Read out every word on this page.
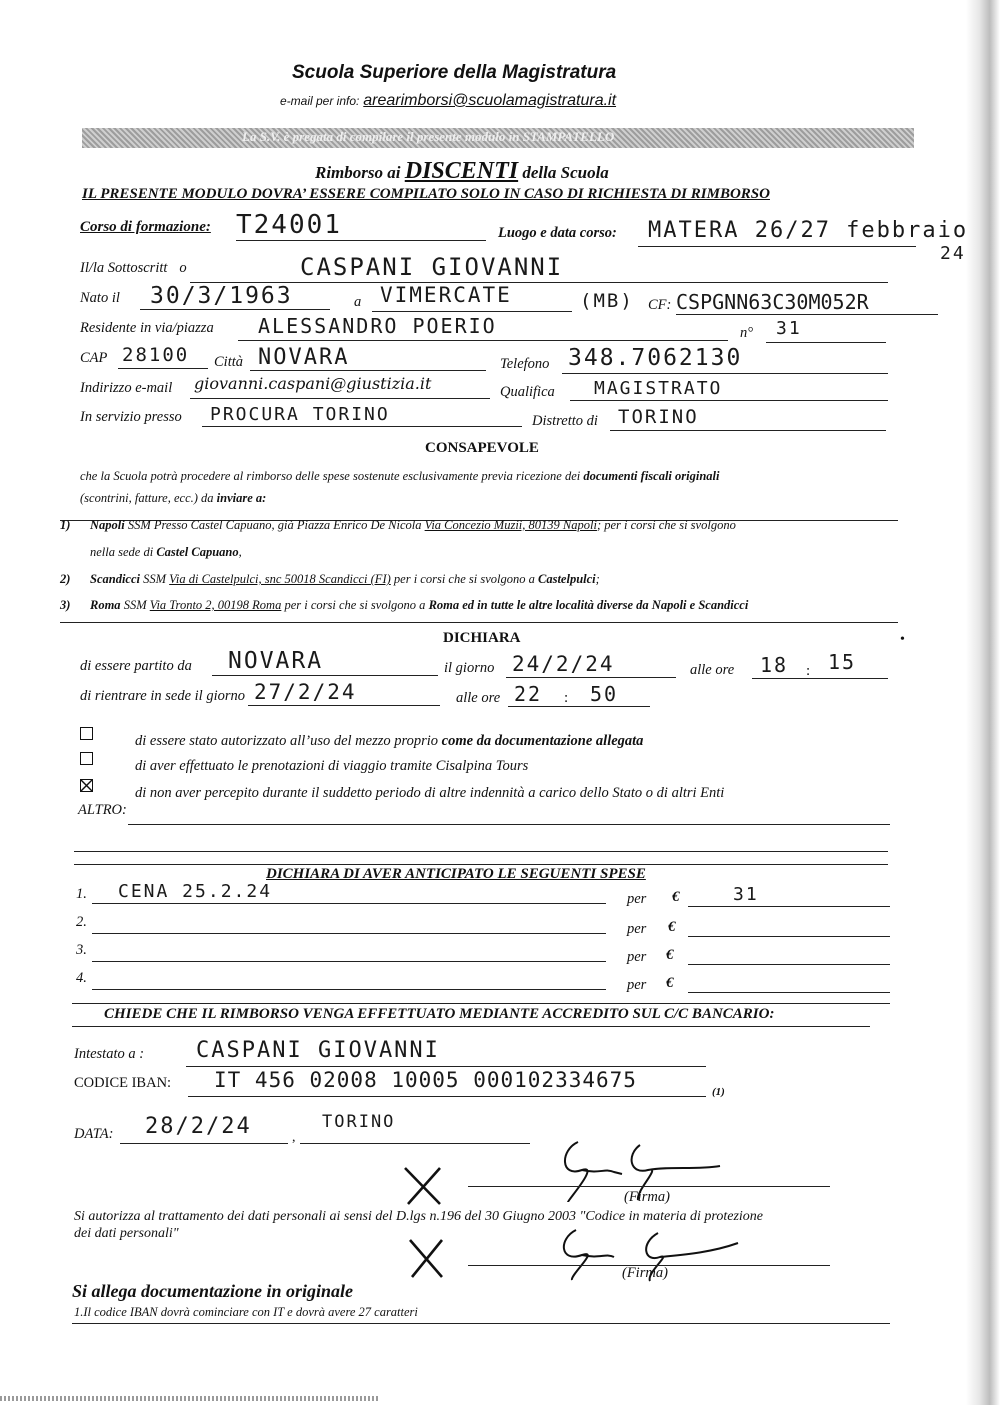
Scuola Superiore della Magistratura
e-mail per info: arearimborsi@scuolamagistratura.it
La S.V. è pregata di compilare il presente modulo in STAMPATELLO
Rimborso ai DISCENTI della Scuola
IL PRESENTE MODULO DOVRA’ ESSERE COMPILATO SOLO IN CASO DI RICHIESTA DI RIMBORSO
Corso di formazione: T24001	Luogo e data corso: MATERA 26/27 febbraio
24
Il/la Sottoscritt o	CASPANI GIOVANNI
Nato il 30/3/1963	a VIMERCATE	(MB) CF: CSPGNN63C30M052R
Residente in via/piazza ALESSANDRO POERIO	n° 31
CAP 28100 Città NOVARA	Telefono 348.7062130
Indirizzo e-mail giovanni.caspani@giustizia.it	Qualifica MAGISTRATO
In servizio presso PROCURA TORINO	Distretto di TORINO
CONSAPEVOLE
che la Scuola potrà procedere al rimborso delle spese sostenute esclusivamente previa ricezione dei documenti fiscali originali
(scontrini, fatture, ecc.) da inviare a:
1) Napoli SSM Presso Castel Capuano, già Piazza Enrico De Nicola Via Concezio Muzii, 80139 Napoli; per i corsi che si svolgono
nella sede di Castel Capuano,
2) Scandicci SSM Via di Castelpulci, snc 50018 Scandicci (FI) per i corsi che si svolgono a Castelpulci;
3) Roma SSM Via Tronto 2, 00198 Roma per i corsi che si svolgono a Roma ed in tutte le altre località diverse da Napoli e Scandicci
DICHIARA
di essere partito da NOVARA	il giorno 24/2/24	alle ore 18 : 15
•
di rientrare in sede il giorno 27/2/24	alle ore 22 : 50
di essere stato autorizzato all’uso del mezzo proprio come da documentazione allegata
di aver effettuato le prenotazioni di viaggio tramite Cisalpina Tours
di non aver percepito durante il suddetto periodo di altre indennità a carico dello Stato o di altri Enti
ALTRO:
DICHIARA DI AVER ANTICIPATO LE SEGUENTI SPESE
1. CENA 25.2.24	per €	31
2.	per €
3.	per €
4.	per €
CHIEDE CHE IL RIMBORSO VENGA EFFETTUATO MEDIANTE ACCREDITO SUL C/C BANCARIO:
Intestato a : CASPANI GIOVANNI
CODICE IBAN: IT 456 02008 10005 000102334675	(1)
DATA: 28/2/24	,
TORINO
(Firma)
Si autorizza al trattamento dei dati personali ai sensi del D.lgs n.196 del 30 Giugno 2003 "Codice in materia di protezione
dei dati personali"
(Firma)
Si allega documentazione in originale
1.Il codice IBAN dovrà cominciare con IT e dovrà avere 27 caratteri
